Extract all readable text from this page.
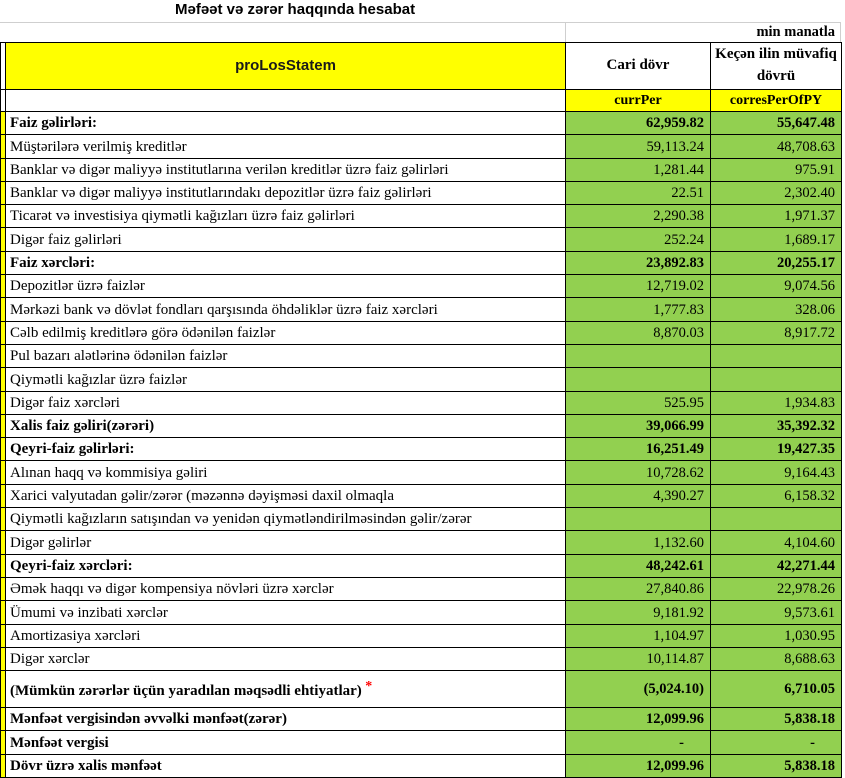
Məfəət və zərər haqqında hesabat
min manatla
	proLosStatem	Cari dövr	Keçən ilin müvafiq dövrü
		currPer	corresPerOfPY
	Faiz gəlirləri:	62,959.82	55,647.48
	Müştərilərə verilmiş kreditlər	59,113.24	48,708.63
	Banklar və digər maliyyə institutlarına verilən kreditlər üzrə faiz gəlirləri	1,281.44	975.91
	Banklar və digər maliyyə institutlarındakı depozitlər üzrə faiz gəlirləri	22.51	2,302.40
	Ticarət və investisiya qiymətli kağızları üzrə faiz gəlirləri	2,290.38	1,971.37
	Digər faiz gəlirləri	252.24	1,689.17
	Faiz xərcləri:	23,892.83	20,255.17
	Depozitlər üzrə faizlər	12,719.02	9,074.56
	Mərkəzi bank və dövlət fondları qarşısında öhdəliklər üzrə faiz xərcləri	1,777.83	328.06
	Cəlb edilmiş kreditlərə görə ödənilən faizlər	8,870.03	8,917.72
	Pul bazarı alətlərinə ödənilən faizlər		
	Qiymətli kağızlar üzrə faizlər		
	Digər faiz xərcləri	525.95	1,934.83
	Xalis faiz gəliri(zərəri)	39,066.99	35,392.32
	Qeyri-faiz gəlirləri:	16,251.49	19,427.35
	Alınan haqq və kommisiya gəliri	10,728.62	9,164.43
	Xarici valyutadan gəlir/zərər (məzənnə dəyişməsi daxil olmaqla	4,390.27	6,158.32
	Qiymətli kağızların satışından və yenidən qiymətləndirilməsindən gəlir/zərər		
	Digər gəlirlər	1,132.60	4,104.60
	Qeyri-faiz xərcləri:	48,242.61	42,271.44
	Əmək haqqı və digər kompensiya növləri üzrə xərclər	27,840.86	22,978.26
	Ümumi və inzibati xərclər	9,181.92	9,573.61
	Amortizasiya xərcləri	1,104.97	1,030.95
	Digər xərclər	10,114.87	8,688.63
	(Mümkün zərərlər üçün yaradılan məqsədli ehtiyatlar) *	(5,024.10)	6,710.05
	Mənfəət vergisindən əvvəlki mənfəət(zərər)	12,099.96	5,838.18
	Mənfəət vergisi	-	-
	Dövr üzrə xalis mənfəət	12,099.96	5,838.18
